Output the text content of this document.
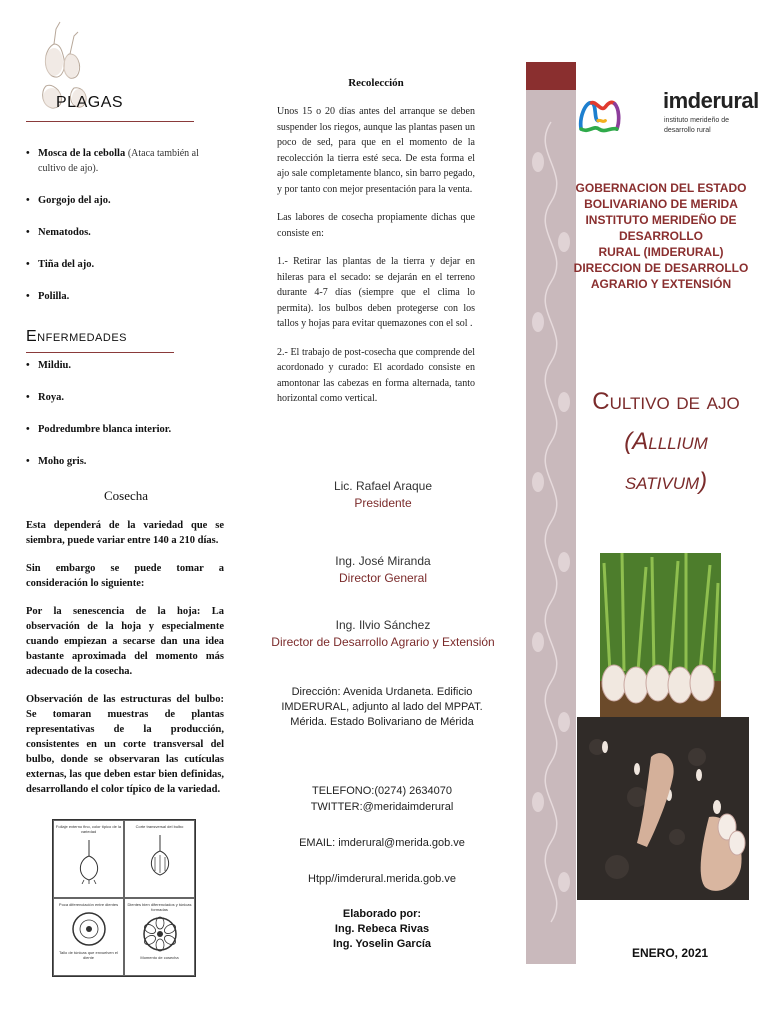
PLAGAS
• Mosca de la cebolla (Ataca también al cultivo de ajo).
• Gorgojo del ajo.
• Nematodos.
• Tiña del ajo.
• Polilla.
Enfermedades
• Mildiu.
• Roya.
• Podredumbre blanca interior.
• Moho gris.
Cosecha

Esta dependerá de la variedad que se siembra, puede variar entre 140 a 210 días.

Sin embargo se puede tomar a consideración lo siguiente:

Por la senescencia de la hoja: La observación de la hoja y especialmente cuando empiezan a secarse dan una idea bastante aproximada del momento más adecuado de la cosecha.

Observación de las estructuras del bulbo: Se tomaran muestras de plantas representativas de la producción, consistentes en un corte transversal del bulbo, donde se observaran las cutículas externas, las que deben estar bien definidas, desarrollando el color típico de la variedad.

Follaje externo fino, color típico de la variedad
Corte transversal del bulbo
Poca diferenciación entre dientes
Tallo de túnicas que envuelven el diente
Dientes bien diferenciados y túnicas formadas
Momento de cosecha
Recolección

Unos 15 o 20 días antes del arranque se deben suspender los riegos, aunque las plantas pasen un poco de sed, para que en el momento de la recolección la tierra esté seca. De esta forma el ajo sale completamente blanco, sin barro pegado, y por tanto con mejor presentación para la venta.

Las labores de cosecha propiamente dichas que consiste en:

1.- Retirar las plantas de la tierra y dejar en hileras para el secado: se dejarán en el terreno durante 4-7 días (siempre que el clima lo permita). los bulbos deben protegerse con los tallos y hojas para evitar quemazones con el sol .

2.- El trabajo de post-cosecha que comprende del acordonado y curado: El acordado consiste en amontonar las cabezas en forma alternada, tanto horizontal como vertical.

Lic. Rafael Araque
Presidente
Ing. José Miranda
Director General
Ing. Ilvio Sánchez
Director de Desarrollo Agrario y Extensión
Dirección: Avenida Urdaneta. Edificio IMDERURAL, adjunto al lado del MPPAT. Mérida. Estado Bolivariano de Mérida
TELEFONO:(0274) 2634070
TWITTER:@meridaimderural
EMAIL: imderural@merida.gob.ve
Htpp//imderural.merida.gob.ve
Elaborado por:
Ing. Rebeca Rivas
Ing. Yoselin García
imderural
instituto merideño de desarrollo rural
GOBERNACION DEL ESTADO
BOLIVARIANO DE MERIDA
INSTITUTO MERIDEÑO DE DESARROLLO
RURAL (IMDERURAL)
DIRECCION DE DESARROLLO
AGRARIO Y EXTENSIÓN
Cultivo de ajo
(Alllium
sativum)
ENERO, 2021
